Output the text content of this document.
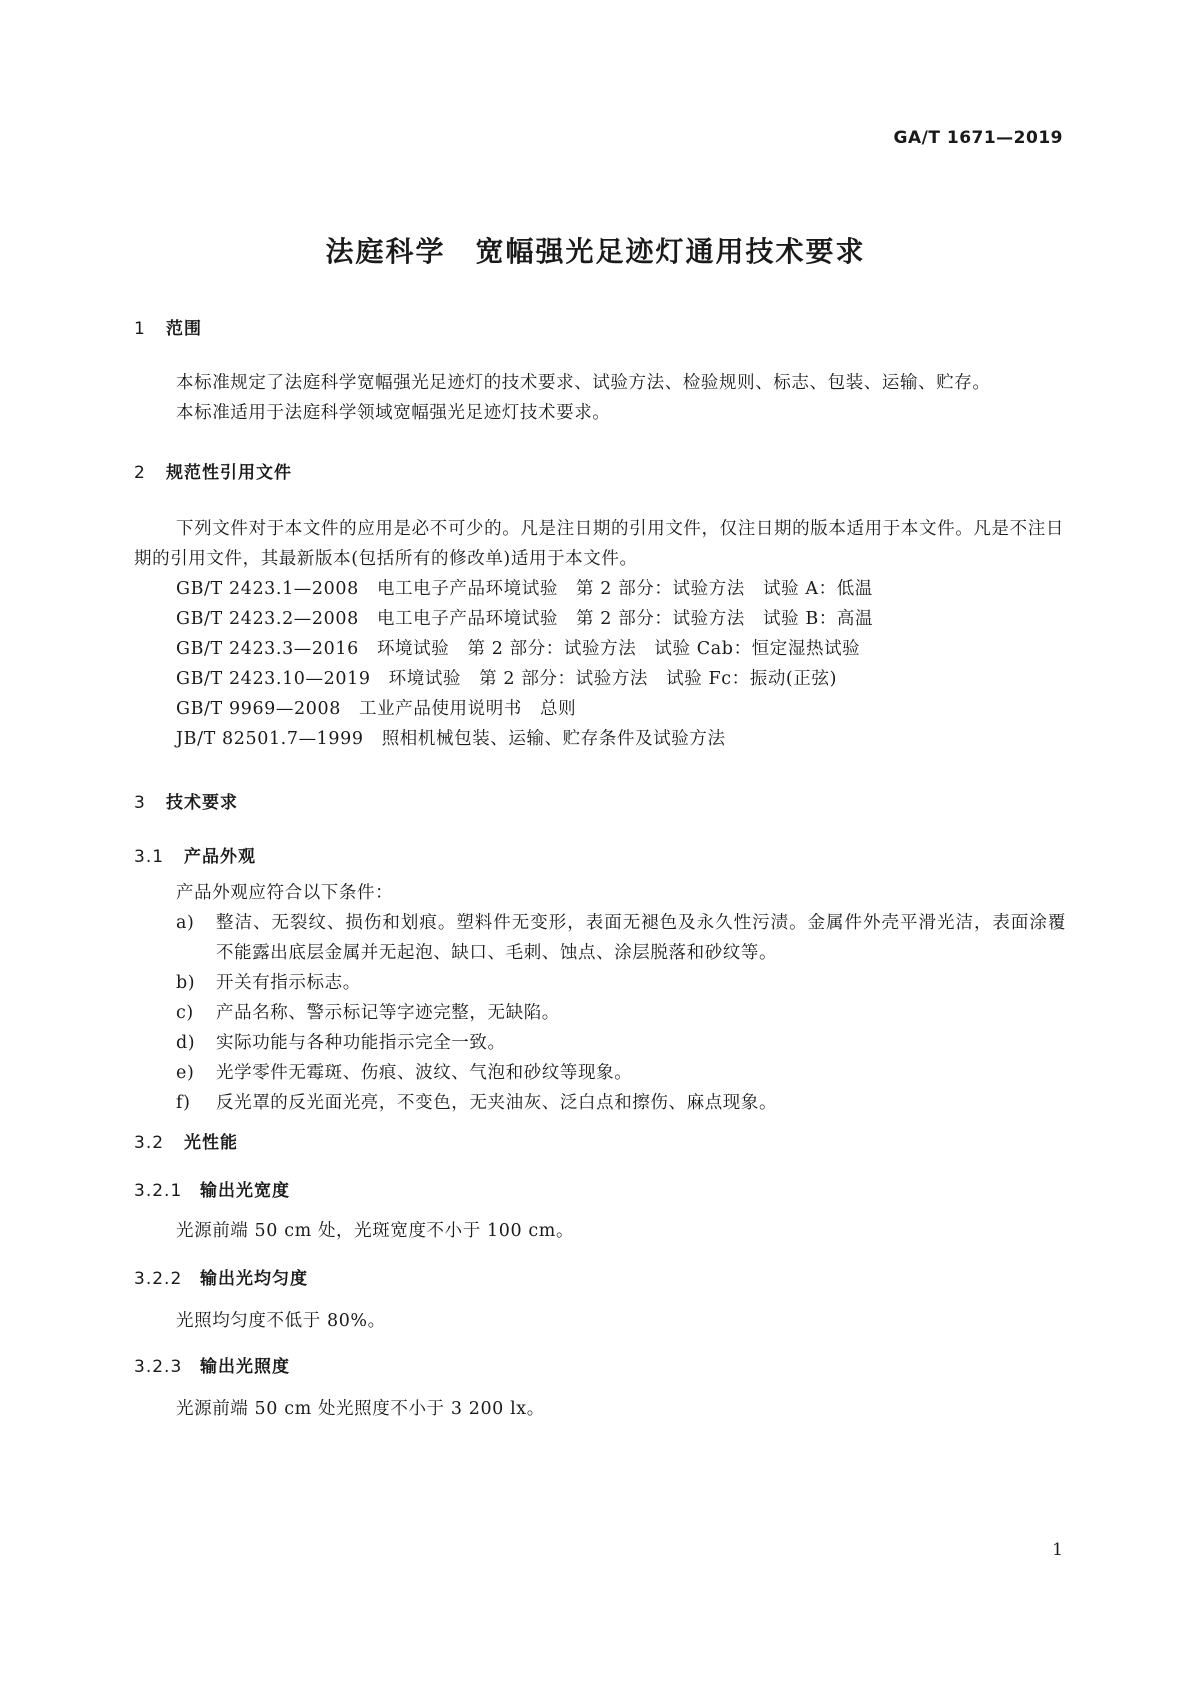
GA/T 1671—2019
法庭科学　宽幅强光足迹灯通用技术要求
1	范围
本标准规定了法庭科学宽幅强光足迹灯的技术要求、试验方法、检验规则、标志、包装、运输、贮存。
本标准适用于法庭科学领域宽幅强光足迹灯技术要求。
2	规范性引用文件
下列文件对于本文件的应用是必不可少的。凡是注日期的引用文件，仅注日期的版本适用于本文件。凡是不注日期的引用文件，其最新版本(包括所有的修改单)适用于本文件。
GB/T 2423.1—2008　电工电子产品环境试验　第 2 部分：试验方法　试验 A：低温
GB/T 2423.2—2008　电工电子产品环境试验　第 2 部分：试验方法　试验 B：高温
GB/T 2423.3—2016　环境试验　第 2 部分：试验方法　试验 Cab：恒定湿热试验
GB/T 2423.10—2019　环境试验　第 2 部分：试验方法　试验 Fc：振动(正弦)
GB/T 9969—2008　工业产品使用说明书　总则
JB/T 82501.7—1999　照相机械包装、运输、贮存条件及试验方法
3	技术要求
3.1	产品外观
产品外观应符合以下条件：
a)	整洁、无裂纹、损伤和划痕。塑料件无变形，表面无褪色及永久性污渍。金属件外壳平滑光洁，表面涂覆不能露出底层金属并无起泡、缺口、毛刺、蚀点、涂层脱落和砂纹等。
b)	开关有指示标志。
c)	产品名称、警示标记等字迹完整，无缺陷。
d)	实际功能与各种功能指示完全一致。
e)	光学零件无霉斑、伤痕、波纹、气泡和砂纹等现象。
f)	反光罩的反光面光亮，不变色，无夹油灰、泛白点和擦伤、麻点现象。
3.2	光性能
3.2.1	输出光宽度
光源前端 50 cm 处，光斑宽度不小于 100 cm。
3.2.2	输出光均匀度
光照均匀度不低于 80%。
3.2.3	输出光照度
光源前端 50 cm 处光照度不小于 3 200 lx。
1
